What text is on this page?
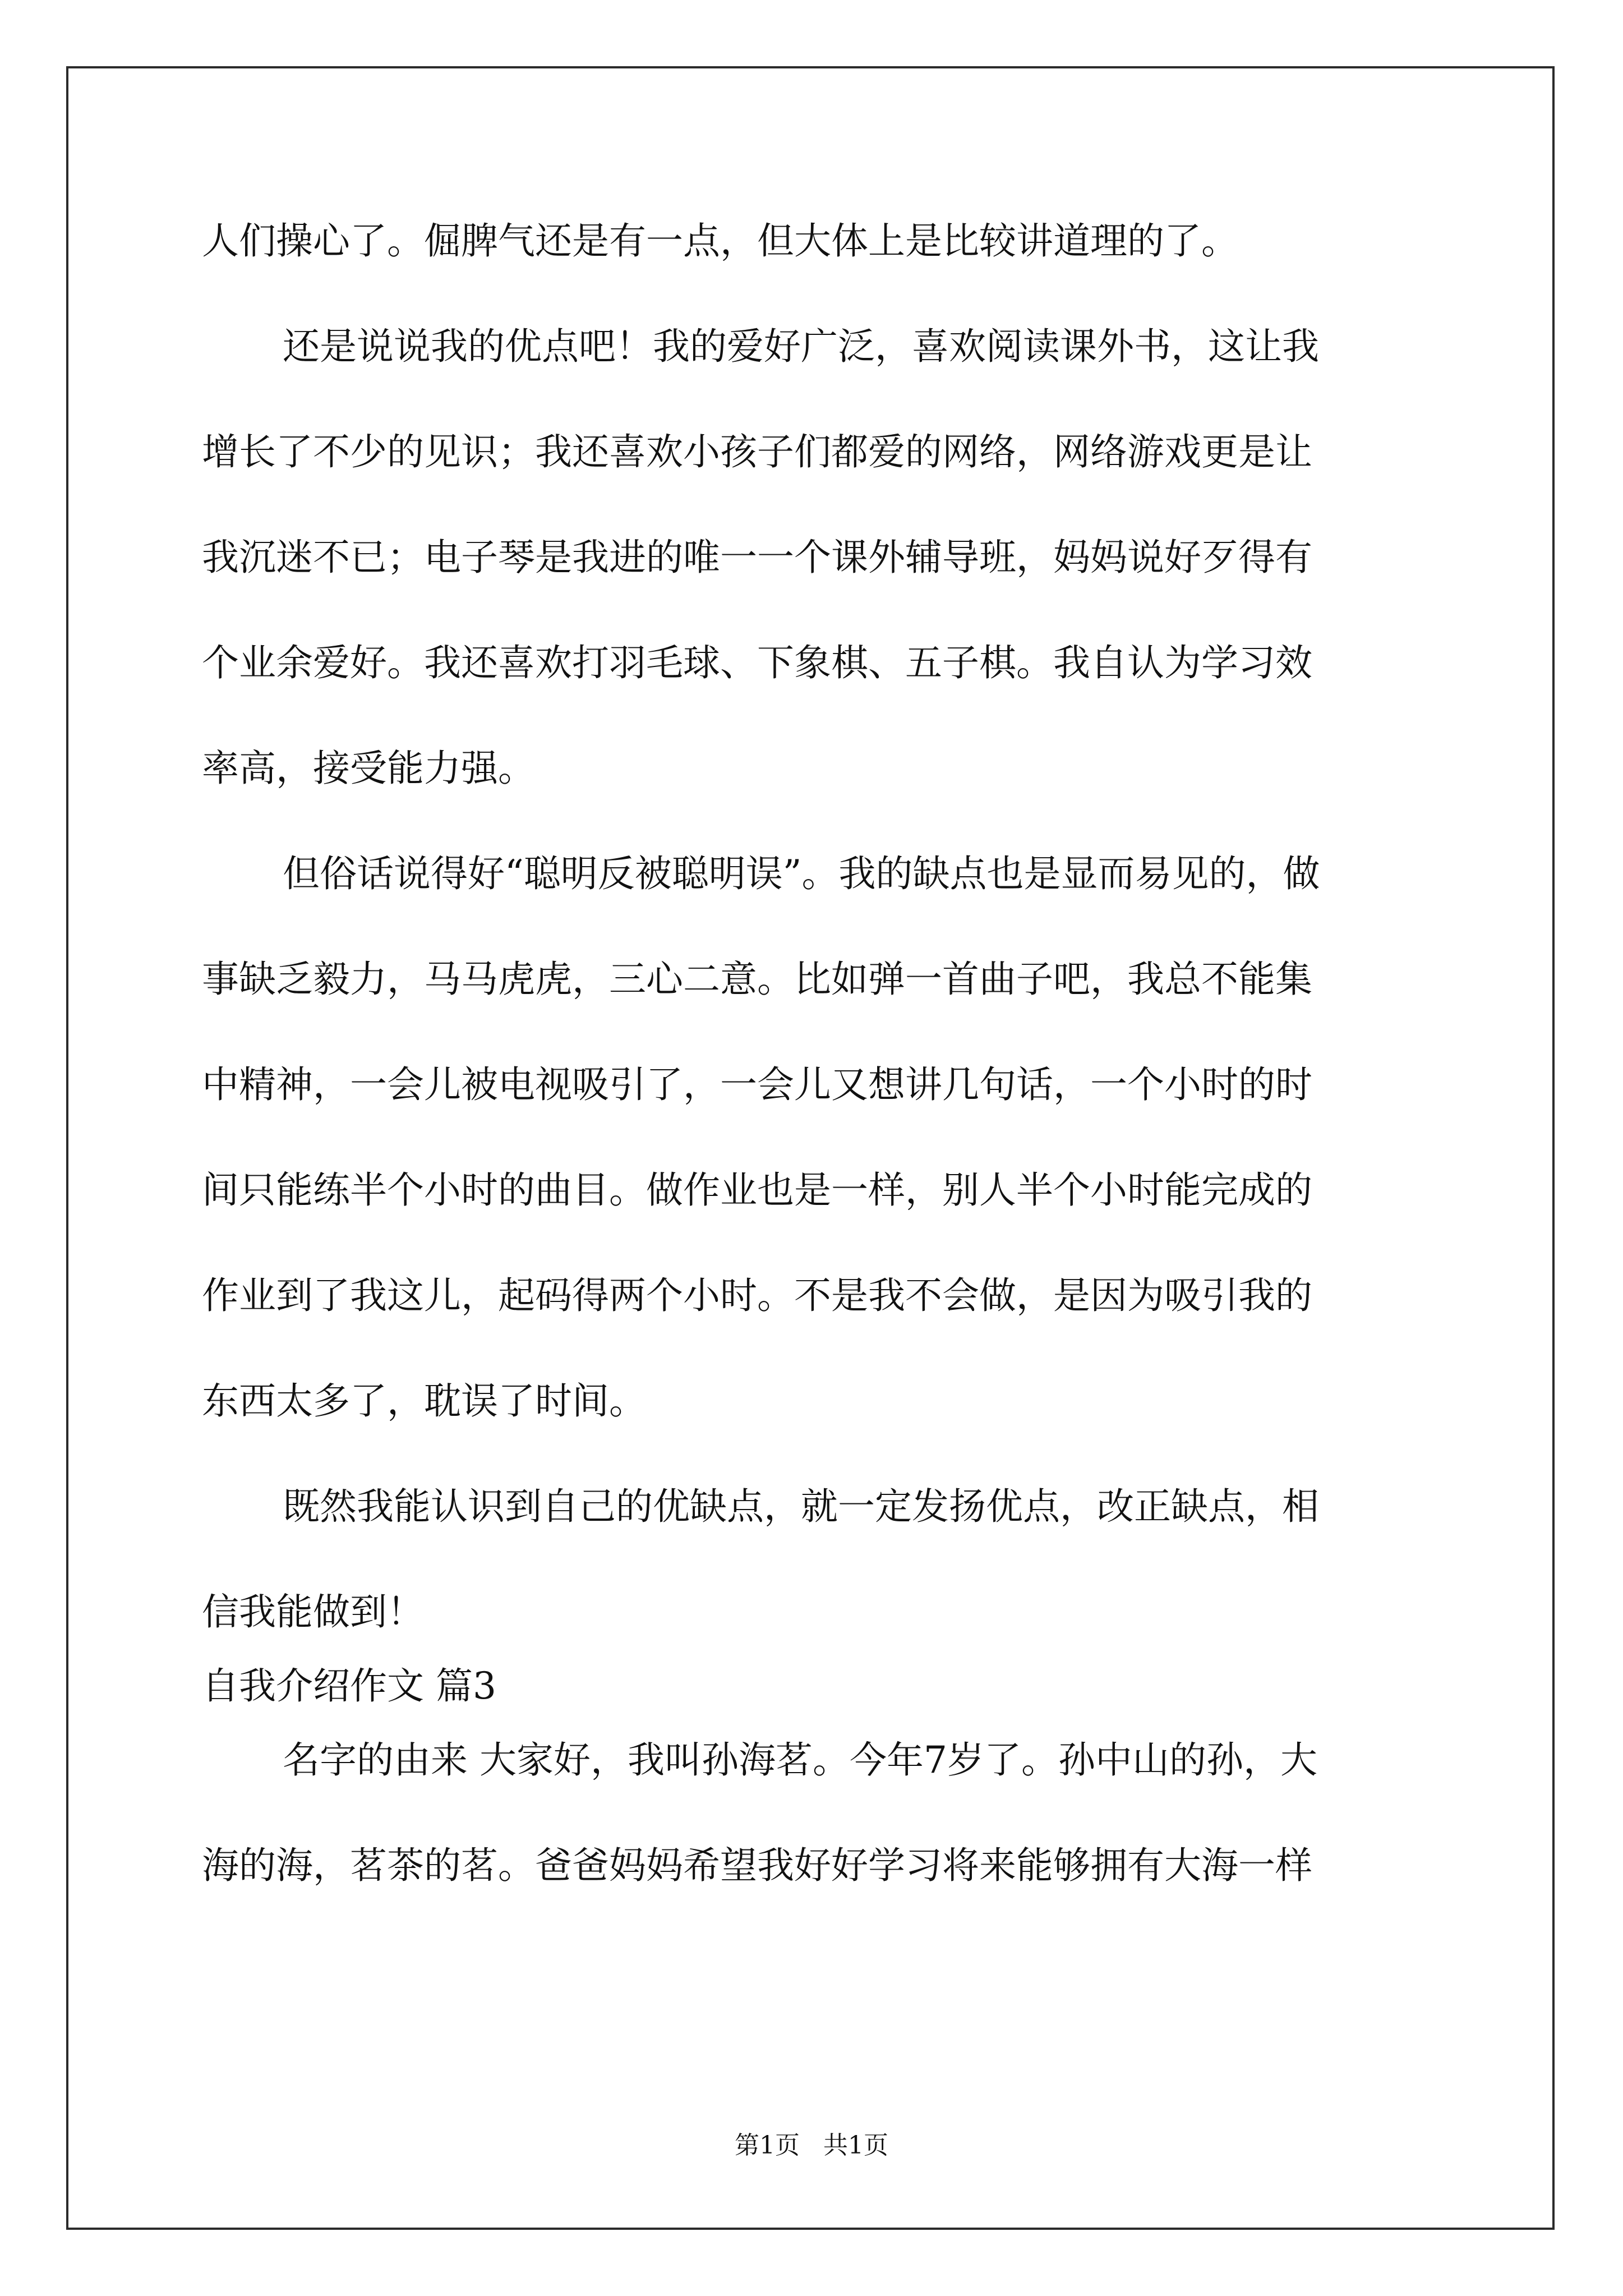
人们操心了。倔脾气还是有一点，但大体上是比较讲道理的了。
还是说说我的优点吧！我的爱好广泛，喜欢阅读课外书，这让我
增长了不少的见识；我还喜欢小孩子们都爱的网络，网络游戏更是让
我沉迷不已；电子琴是我进的唯一一个课外辅导班，妈妈说好歹得有
个业余爱好。我还喜欢打羽毛球、下象棋、五子棋。我自认为学习效
率高，接受能力强。
但俗话说得好“聪明反被聪明误”。我的缺点也是显而易见的，做
事缺乏毅力，马马虎虎，三心二意。比如弹一首曲子吧，我总不能集
中精神，一会儿被电视吸引了，一会儿又想讲几句话，一个小时的时
间只能练半个小时的曲目。做作业也是一样，别人半个小时能完成的
作业到了我这儿，起码得两个小时。不是我不会做，是因为吸引我的
东西太多了，耽误了时间。
既然我能认识到自己的优缺点，就一定发扬优点，改正缺点，相
信我能做到！
自我介绍作文 篇3
名字的由来 大家好，我叫孙海茗。今年7岁了。孙中山的孙，大
海的海，茗茶的茗。爸爸妈妈希望我好好学习将来能够拥有大海一样
第1页   共1页
